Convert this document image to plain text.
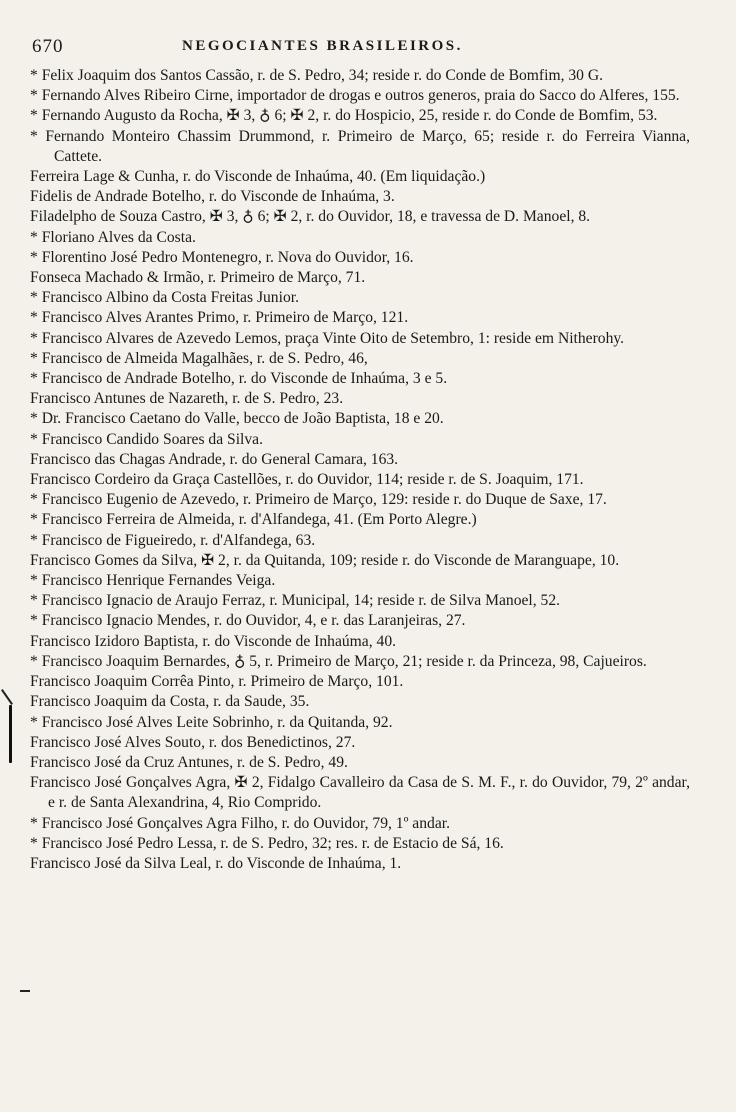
670	NEGOCIANTES BRASILEIROS.
* Felix Joaquim dos Santos Cassão, r. de S. Pedro, 34; reside r. do Conde de Bomfim, 30 G.
* Fernando Alves Ribeiro Cirne, importador de drogas e outros generos, praia do Sacco do Alferes, 155.
* Fernando Augusto da Rocha, ✠ 3, ♁ 6; ✠ 2, r. do Hospicio, 25, reside r. do Conde de Bomfim, 53.
* Fernando Monteiro Chassim Drummond, r. Primeiro de Março, 65; reside r. do Ferreira Vianna, Cattete.
Ferreira Lage & Cunha, r. do Visconde de Inhaúma, 40. (Em liquidação.)
Fidelis de Andrade Botelho, r. do Visconde de Inhaúma, 3.
Filadelpho de Souza Castro, ✠ 3, ♁ 6; ✠ 2, r. do Ouvidor, 18, e travessa de D. Manoel, 8.
* Floriano Alves da Costa.
* Florentino José Pedro Montenegro, r. Nova do Ouvidor, 16.
Fonseca Machado & Irmão, r. Primeiro de Março, 71.
* Francisco Albino da Costa Freitas Junior.
* Francisco Alves Arantes Primo, r. Primeiro de Março, 121.
* Francisco Alvares de Azevedo Lemos, praça Vinte Oito de Setembro, 1: reside em Nitherohy.
* Francisco de Almeida Magalhães, r. de S. Pedro, 46,
* Francisco de Andrade Botelho, r. do Visconde de Inhaúma, 3 e 5.
Francisco Antunes de Nazareth, r. de S. Pedro, 23.
* Dr. Francisco Caetano do Valle, becco de João Baptista, 18 e 20.
* Francisco Candido Soares da Silva.
Francisco das Chagas Andrade, r. do General Camara, 163.
Francisco Cordeiro da Graça Castellões, r. do Ouvidor, 114; reside r. de S. Joaquim, 171.
* Francisco Eugenio de Azevedo, r. Primeiro de Março, 129: reside r. do Duque de Saxe, 17.
* Francisco Ferreira de Almeida, r. d'Alfandega, 41. (Em Porto Alegre.)
* Francisco de Figueiredo, r. d'Alfandega, 63.
Francisco Gomes da Silva, ✠ 2, r. da Quitanda, 109; reside r. do Visconde de Maranguape, 10.
* Francisco Henrique Fernandes Veiga.
* Francisco Ignacio de Araujo Ferraz, r. Municipal, 14; reside r. de Silva Manoel, 52.
* Francisco Ignacio Mendes, r. do Ouvidor, 4, e r. das Laranjeiras, 27.
Francisco Izidoro Baptista, r. do Visconde de Inhaúma, 40.
* Francisco Joaquim Bernardes, ♁ 5, r. Primeiro de Março, 21; reside r. da Princeza, 98, Cajueiros.
Francisco Joaquim Corrêa Pinto, r. Primeiro de Março, 101.
Francisco Joaquim da Costa, r. da Saude, 35.
* Francisco José Alves Leite Sobrinho, r. da Quitanda, 92.
Francisco José Alves Souto, r. dos Benedictinos, 27.
Francisco José da Cruz Antunes, r. de S. Pedro, 49.
Francisco José Gonçalves Agra, ✠ 2, Fidalgo Cavalleiro da Casa de S. M. F., r. do Ouvidor, 79, 2º andar, e r. de Santa Alexandrina, 4, Rio Comprido.
* Francisco José Gonçalves Agra Filho, r. do Ouvidor, 79, 1º andar.
* Francisco José Pedro Lessa, r. de S. Pedro, 32; res. r. de Estacio de Sá, 16.
Francisco José da Silva Leal, r. do Visconde de Inhaúma, 1.
